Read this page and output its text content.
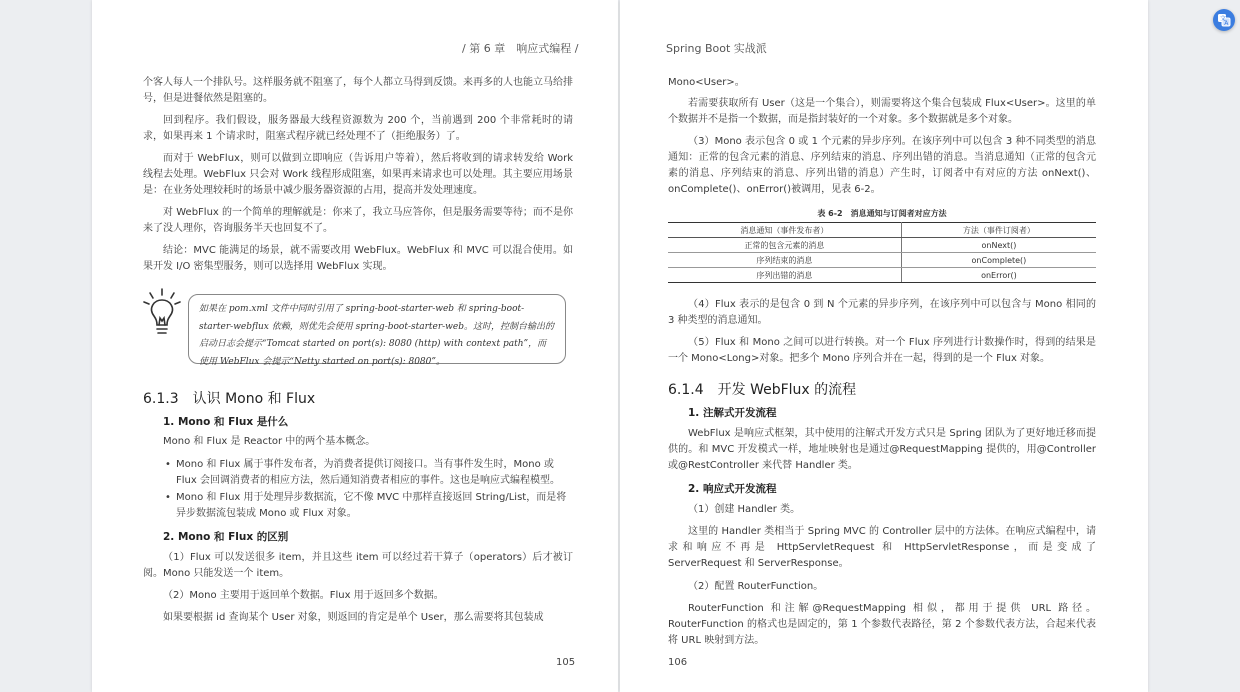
/ 第 6 章　响应式编程 /

个客人每人一个排队号。这样服务就不阻塞了，每个人都立马得到反馈。来再多的人也能立马给排号，但是进餐依然是阻塞的。

回到程序。我们假设，服务器最大线程资源数为 200 个，当前遇到 200 个非常耗时的请求，如果再来 1 个请求时，阻塞式程序就已经处理不了（拒绝服务）了。

而对于 WebFlux，则可以做到立即响应（告诉用户等着），然后将收到的请求转发给 Work 线程去处理。WebFlux 只会对 Work 线程形成阻塞，如果再来请求也可以处理。其主要应用场景是：在业务处理较耗时的场景中减少服务器资源的占用，提高并发处理速度。

对 WebFlux 的一个简单的理解就是：你来了，我立马应答你，但是服务需要等待；而不是你来了没人理你，咨询服务半天也回复不了。

结论：MVC 能满足的场景，就不需要改用 WebFlux。WebFlux 和 MVC 可以混合使用。如果开发 I/O 密集型服务，则可以选择用 WebFlux 实现。

如果在 pom.xml 文件中同时引用了 spring-boot-starter-web 和 spring-boot-starter-webflux 依赖，则优先会使用 spring-boot-starter-web。这时，控制台输出的启动日志会提示“Tomcat started on port(s): 8080 (http) with context path”，而使用 WebFlux 会提示“Netty started on port(s): 8080”。

6.1.3　认识 Mono 和 Flux
1. Mono 和 Flux 是什么

Mono 和 Flux 是 Reactor 中的两个基本概念。

• Mono 和 Flux 属于事件发布者，为消费者提供订阅接口。当有事件发生时，Mono 或 Flux 会回调消费者的相应方法，然后通知消费者相应的事件。这也是响应式编程模型。
• Mono 和 Flux 用于处理异步数据流，它不像 MVC 中那样直接返回 String/List，而是将异步数据流包装成 Mono 或 Flux 对象。
2. Mono 和 Flux 的区别

（1）Flux 可以发送很多 item，并且这些 item 可以经过若干算子（operators）后才被订阅。Mono 只能发送一个 item。

（2）Mono 主要用于返回单个数据。Flux 用于返回多个数据。

如果要根据 id 查询某个 User 对象，则返回的肯定是单个 User，那么需要将其包装成

105
Spring Boot 实战派

Mono<User>。

若需要获取所有 User（这是一个集合），则需要将这个集合包装成 Flux<User>。这里的单个数据并不是指一个数据，而是指封装好的一个对象。多个数据就是多个对象。

（3）Mono 表示包含 0 或 1 个元素的异步序列。在该序列中可以包含 3 种不同类型的消息通知：正常的包含元素的消息、序列结束的消息、序列出错的消息。当消息通知（正常的包含元素的消息、序列结束的消息、序列出错的消息）产生时，订阅者中有对应的方法 onNext()、onComplete()、onError()被调用，见表 6-2。

表 6-2　消息通知与订阅者对应方法
消息通知（事件发布者）	方法（事件订阅者）
正常的包含元素的消息	onNext()
序列结束的消息	onComplete()
序列出错的消息	onError()

（4）Flux 表示的是包含 0 到 N 个元素的异步序列，在该序列中可以包含与 Mono 相同的 3 种类型的消息通知。

（5）Flux 和 Mono 之间可以进行转换。对一个 Flux 序列进行计数操作时，得到的结果是一个 Mono<Long>对象。把多个 Mono 序列合并在一起，得到的是一个 Flux 对象。

6.1.4　开发 WebFlux 的流程
1. 注解式开发流程

WebFlux 是响应式框架，其中使用的注解式开发方式只是 Spring 团队为了更好地迁移而提供的。和 MVC 开发模式一样，地址映射也是通过@RequestMapping 提供的，用@Controller 或@RestController 来代替 Handler 类。

2. 响应式开发流程

（1）创建 Handler 类。

这里的 Handler 类相当于 Spring MVC 的 Controller 层中的方法体。在响应式编程中，请求和响应不再是 HttpServletRequest 和 HttpServletResponse，而是变成了 ServerRequest 和 ServerResponse。

（2）配置 RouterFunction。

RouterFunction 和注解@RequestMapping 相似，都用于提供 URL 路径。RouterFunction 的格式也是固定的，第 1 个参数代表路径，第 2 个参数代表方法，合起来代表将 URL 映射到方法。

106
文
A
